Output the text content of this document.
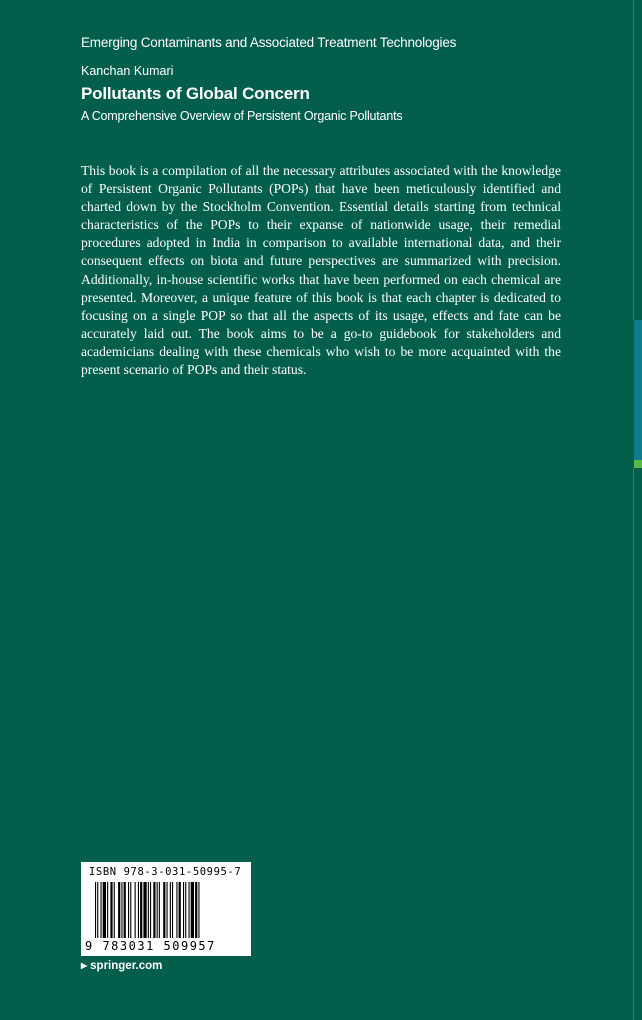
Emerging Contaminants and Associated Treatment Technologies
Kanchan Kumari
Pollutants of Global Concern
A Comprehensive Overview of Persistent Organic Pollutants

This book is a compilation of all the necessary attributes associated with the knowledge of Persistent Organic Pollutants (POPs) that have been meticulously identified and charted down by the Stockholm Convention. Essential details starting from technical characteristics of the POPs to their expanse of nationwide usage, their remedial procedures adopted in India in comparison to available international data, and their consequent effects on biota and future perspectives are summarized with precision. Additionally, in-house scientific works that have been performed on each chemical are presented. Moreover, a unique feature of this book is that each chapter is dedicated to focusing on a single POP so that all the aspects of its usage, effects and fate can be accurately laid out. The book aims to be a go-to guidebook for stakeholders and academicians dealing with these chemicals who wish to be more acquainted with the present scenario of POPs and their status.

ISBN 978-3-031-50995-7
9 783031 509957
▶ springer.com
